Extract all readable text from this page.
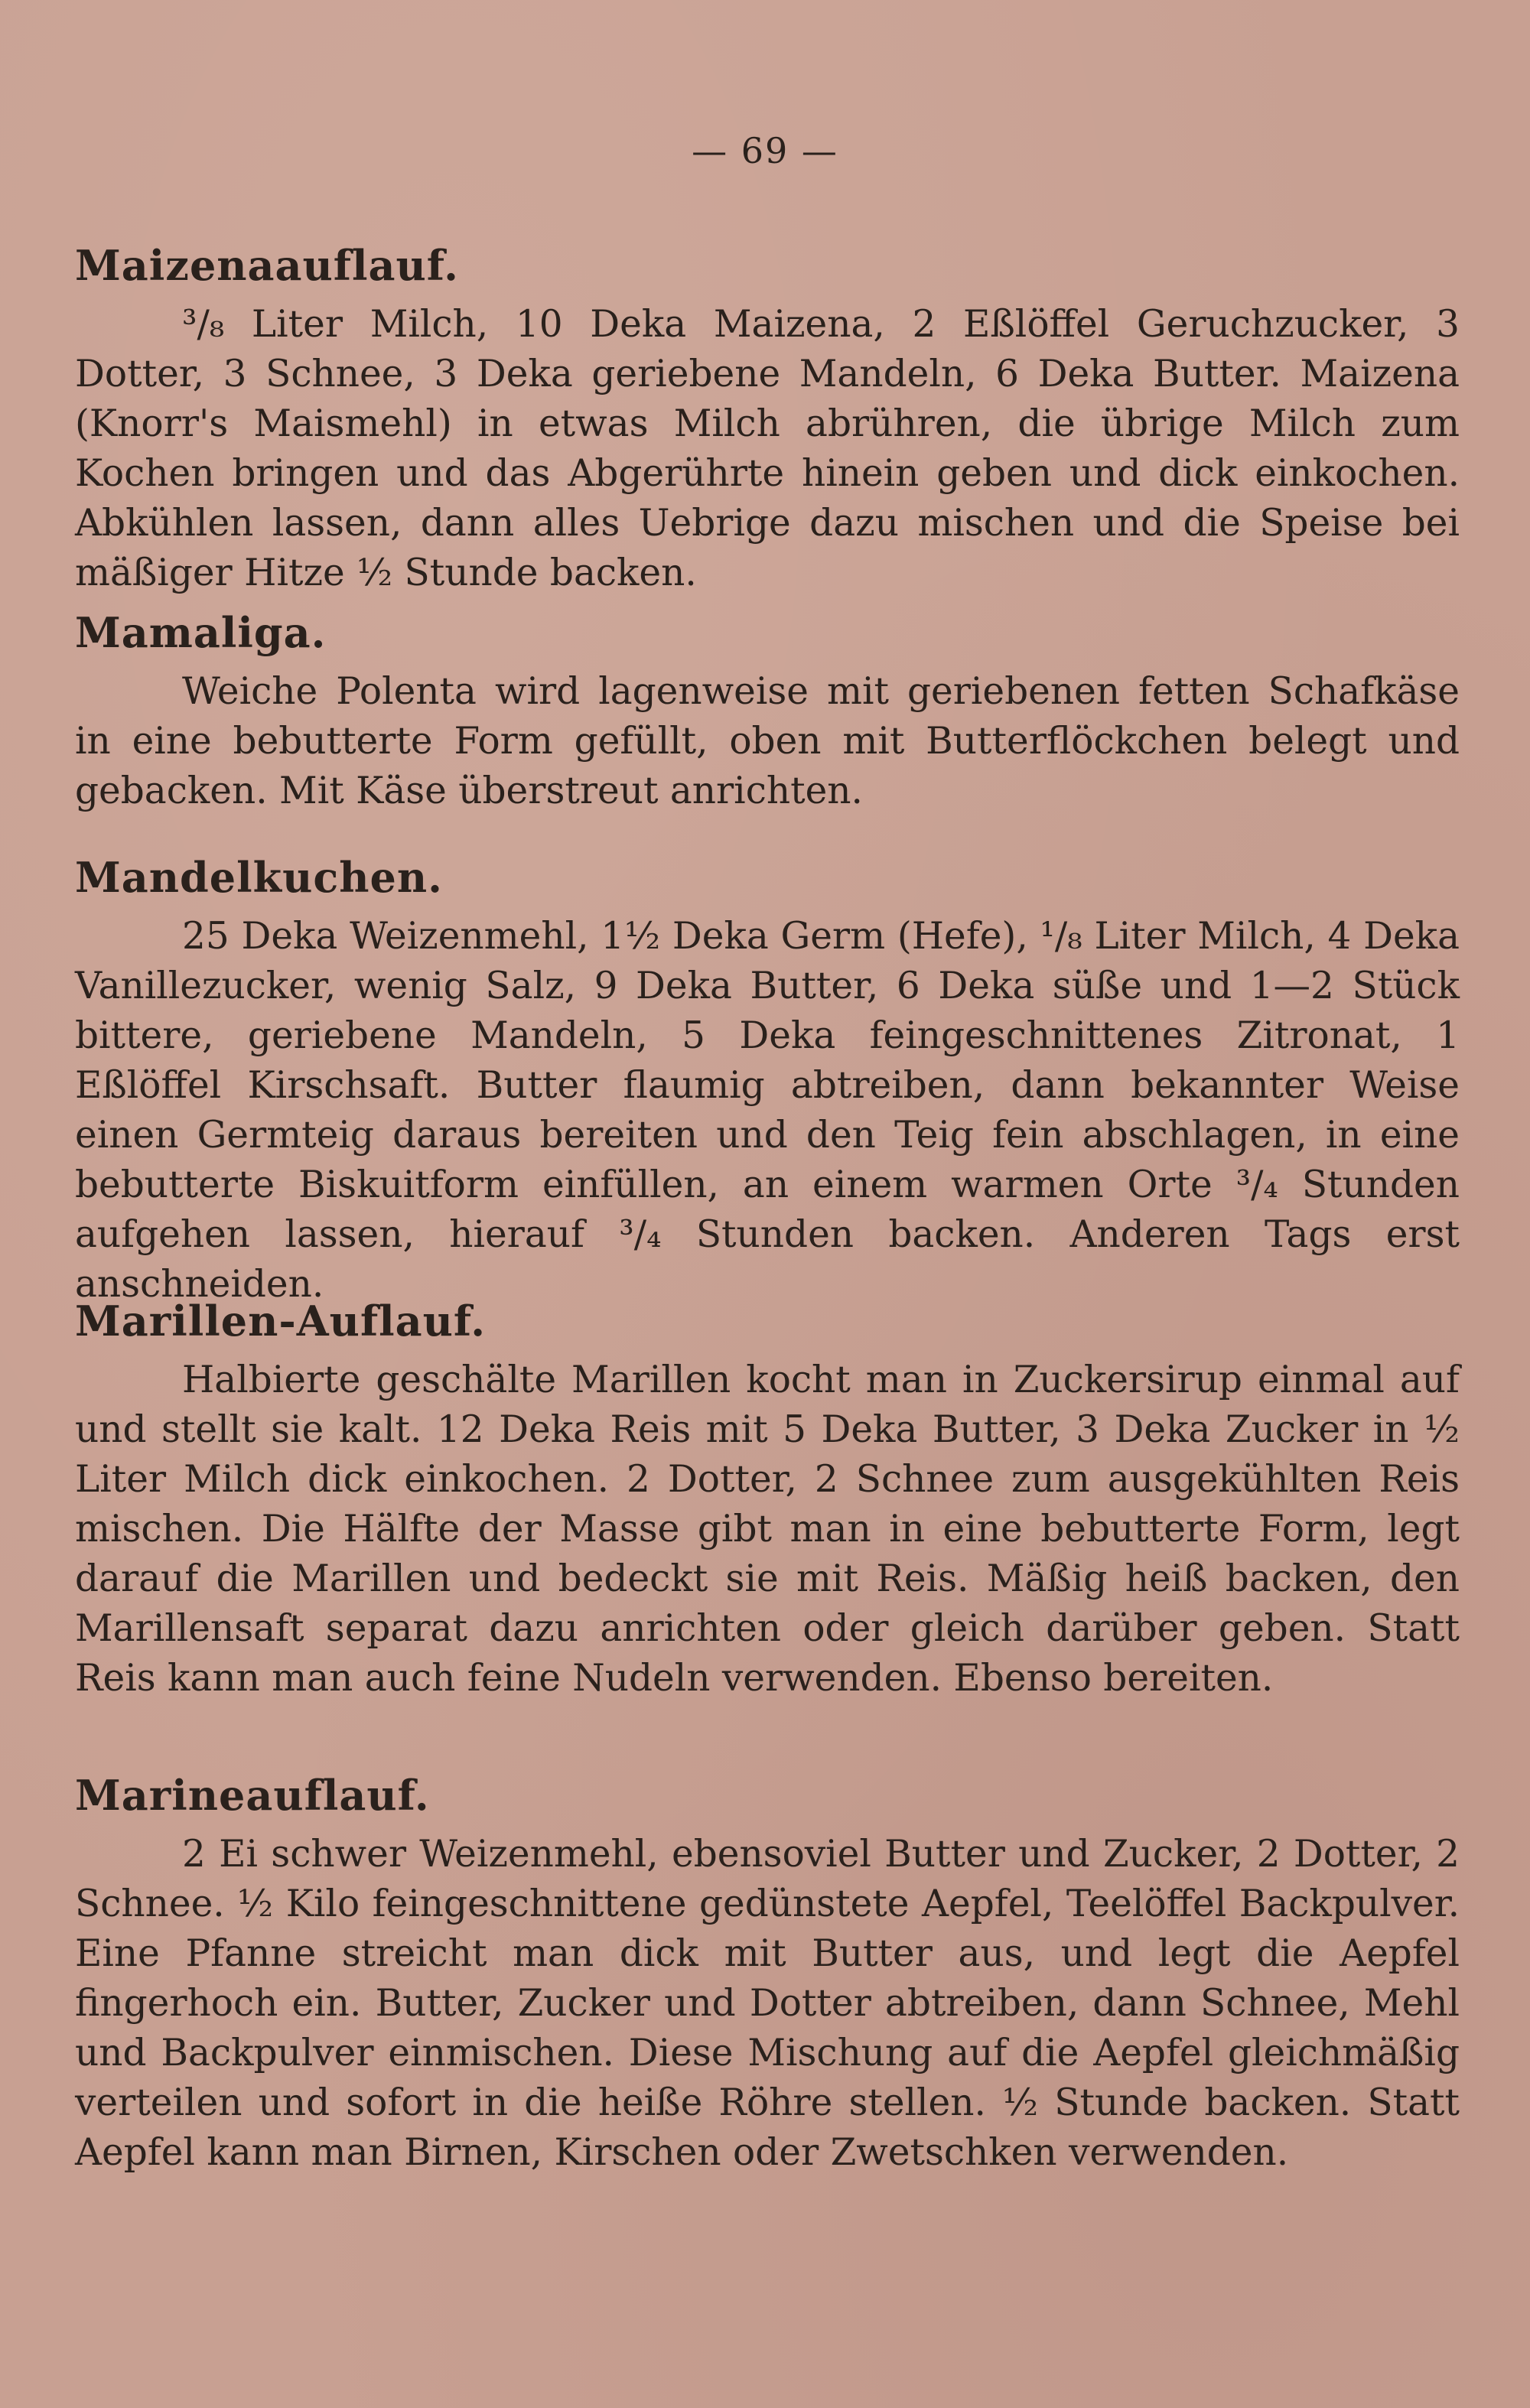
— 69 —
Maizenaauflauf.

³/₈ Liter Milch, 10 Deka Maizena, 2 Eßlöffel Geruchzucker, 3 Dotter, 3 Schnee, 3 Deka geriebene Mandeln, 6 Deka Butter. Maizena (Knorr's Maismehl) in etwas Milch abrühren, die übrige Milch zum Kochen bringen und das Abgerührte hinein geben und dick einkochen. Abkühlen lassen, dann alles Uebrige dazu mischen und die Speise bei mäßiger Hitze ½ Stunde backen.

Mamaliga.

Weiche Polenta wird lagenweise mit geriebenen fetten Schafkäse in eine bebutterte Form gefüllt, oben mit Butterflöckchen belegt und gebacken. Mit Käse überstreut anrichten.

Mandelkuchen.

25 Deka Weizenmehl, 1½ Deka Germ (Hefe), ¹/₈ Liter Milch, 4 Deka Vanillezucker, wenig Salz, 9 Deka Butter, 6 Deka süße und 1—2 Stück bittere, geriebene Mandeln, 5 Deka feingeschnittenes Zitronat, 1 Eßlöffel Kirschsaft. Butter flaumig abtreiben, dann bekannter Weise einen Germteig daraus bereiten und den Teig fein abschlagen, in eine bebutterte Biskuitform einfüllen, an einem warmen Orte ³/₄ Stunden aufgehen lassen, hierauf ³/₄ Stunden backen. Anderen Tags erst anschneiden.

Marillen-Auflauf.

Halbierte geschälte Marillen kocht man in Zuckersirup einmal auf und stellt sie kalt. 12 Deka Reis mit 5 Deka Butter, 3 Deka Zucker in ½ Liter Milch dick einkochen. 2 Dotter, 2 Schnee zum ausgekühlten Reis mischen. Die Hälfte der Masse gibt man in eine bebutterte Form, legt darauf die Marillen und bedeckt sie mit Reis. Mäßig heiß backen, den Marillensaft separat dazu anrichten oder gleich darüber geben. Statt Reis kann man auch feine Nudeln verwenden. Ebenso bereiten.

Marineauflauf.

2 Ei schwer Weizenmehl, ebensoviel Butter und Zucker, 2 Dotter, 2 Schnee. ½ Kilo feingeschnittene gedünstete Aepfel, Teelöffel Backpulver. Eine Pfanne streicht man dick mit Butter aus, und legt die Aepfel fingerhoch ein. Butter, Zucker und Dotter abtreiben, dann Schnee, Mehl und Backpulver einmischen. Diese Mischung auf die Aepfel gleichmäßig verteilen und sofort in die heiße Röhre stellen. ½ Stunde backen. Statt Aepfel kann man Birnen, Kirschen oder Zwetschken verwenden.
